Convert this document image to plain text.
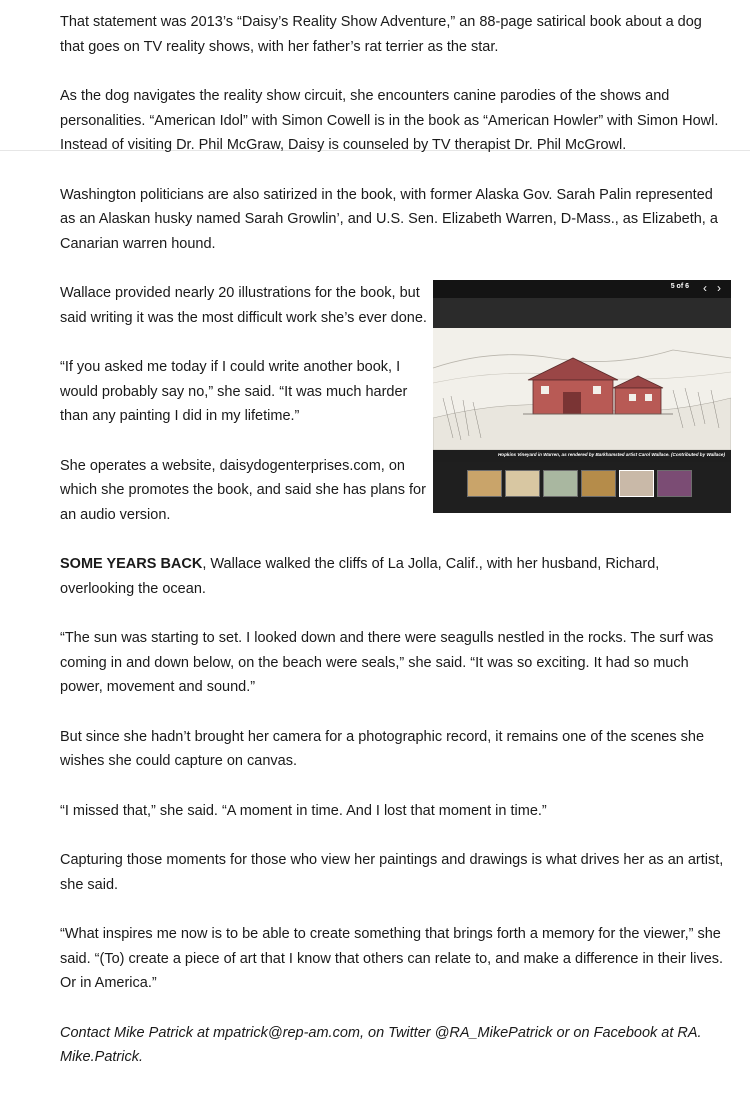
That statement was 2013’s “Daisy’s Reality Show Adventure,” an 88-page satirical book about a dog that goes on TV reality shows, with her father’s rat terrier as the star.

As the dog navigates the reality show circuit, she encounters canine parodies of the shows and personalities. “American Idol” with Simon Cowell is in the book as “American Howler” with Simon Howl. Instead of visiting Dr. Phil McGraw, Daisy is counseled by TV therapist Dr. Phil McGrowl.

Washington politicians are also satirized in the book, with former Alaska Gov. Sarah Palin represented as an Alaskan husky named Sarah Growlin’, and U.S. Sen. Elizabeth Warren, D-Mass., as Elizabeth, a Canarian warren hound.

Wallace provided nearly 20 illustrations for the book, but said writing it was the most difficult work she’s ever done.

“If you asked me today if I could write another book, I would probably say no,” she said. “It was much harder than any painting I did in my lifetime.”

She operates a website, daisydogenterprises.com, on which she promotes the book, and said she has plans for an audio version.

SOME YEARS BACK, Wallace walked the cliffs of La Jolla, Calif., with her husband, Richard, overlooking the ocean.

“The sun was starting to set. I looked down and there were seagulls nestled in the rocks. The surf was coming in and down below, on the beach were seals,” she said. “It was so exciting. It had so much power, movement and sound.”

But since she hadn’t brought her camera for a photographic record, it remains one of the scenes she wishes she could capture on canvas.

“I missed that,” she said. “A moment in time. And I lost that moment in time.”

Capturing those moments for those who view her paintings and drawings is what drives her as an artist, she said.

“What inspires me now is to be able to create something that brings forth a memory for the viewer,” she said. “(To) create a piece of art that I know that others can relate to, and make a difference in their lives. Or in America.”

Contact Mike Patrick at mpatrick@rep-am.com, on Twitter @RA_MikePatrick or on Facebook at RA. Mike.Patrick.

5 of 6 ‹ ›
Hopkins Vineyard in Warren, as rendered by Barkhamsted artist Carol Wallace. (Contributed by Wallace)
